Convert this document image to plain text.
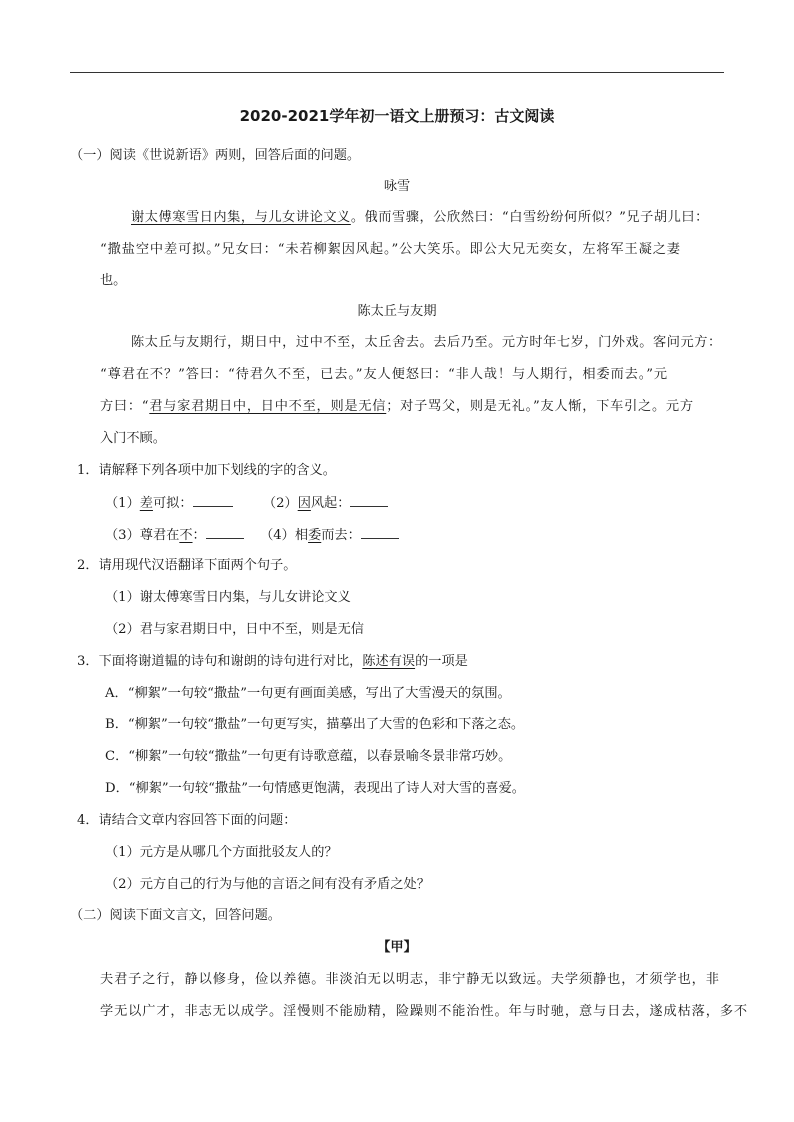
2020-2021学年初一语文上册预习：古文阅读
（一）阅读《世说新语》两则，回答后面的问题。
咏雪
谢太傅寒雪日内集，与儿女讲论文义。俄而雪骤，公欣然曰：“白雪纷纷何所似？”兄子胡儿曰：
“撒盐空中差可拟。”兄女曰：“未若柳絮因风起。”公大笑乐。即公大兄无奕女，左将军王凝之妻
也。
陈太丘与友期
陈太丘与友期行，期日中，过中不至，太丘舍去。去后乃至。元方时年七岁，门外戏。客问元方：
“尊君在不？”答曰：“待君久不至，已去。”友人便怒曰：“非人哉！与人期行，相委而去。”元
方曰：“君与家君期日中，日中不至，则是无信；对子骂父，则是无礼。”友人惭，下车引之。元方
入门不顾。
1．请解释下列各项中加下划线的字的含义。
（1）差可拟：	（2）因风起：
（3）尊君在不：	（4）相委而去：
2．请用现代汉语翻译下面两个句子。
（1）谢太傅寒雪日内集，与儿女讲论文义
（2）君与家君期日中，日中不至，则是无信
3．下面将谢道韫的诗句和谢朗的诗句进行对比，陈述有误的一项是
A．“柳絮”一句较“撒盐”一句更有画面美感，写出了大雪漫天的氛围。
B．“柳絮”一句较“撒盐”一句更写实，描摹出了大雪的色彩和下落之态。
C．“柳絮”一句较“撒盐”一句更有诗歌意蕴，以春景喻冬景非常巧妙。
D．“柳絮”一句较“撒盐”一句情感更饱满，表现出了诗人对大雪的喜爱。
4．请结合文章内容回答下面的问题：
（1）元方是从哪几个方面批驳友人的？
（2）元方自己的行为与他的言语之间有没有矛盾之处？
（二）阅读下面文言文，回答问题。
【甲】
夫君子之行，静以修身，俭以养德。非淡泊无以明志，非宁静无以致远。夫学须静也，才须学也，非
学无以广才，非志无以成学。淫慢则不能励精，险躁则不能治性。年与时驰，意与日去，遂成枯落，多不
